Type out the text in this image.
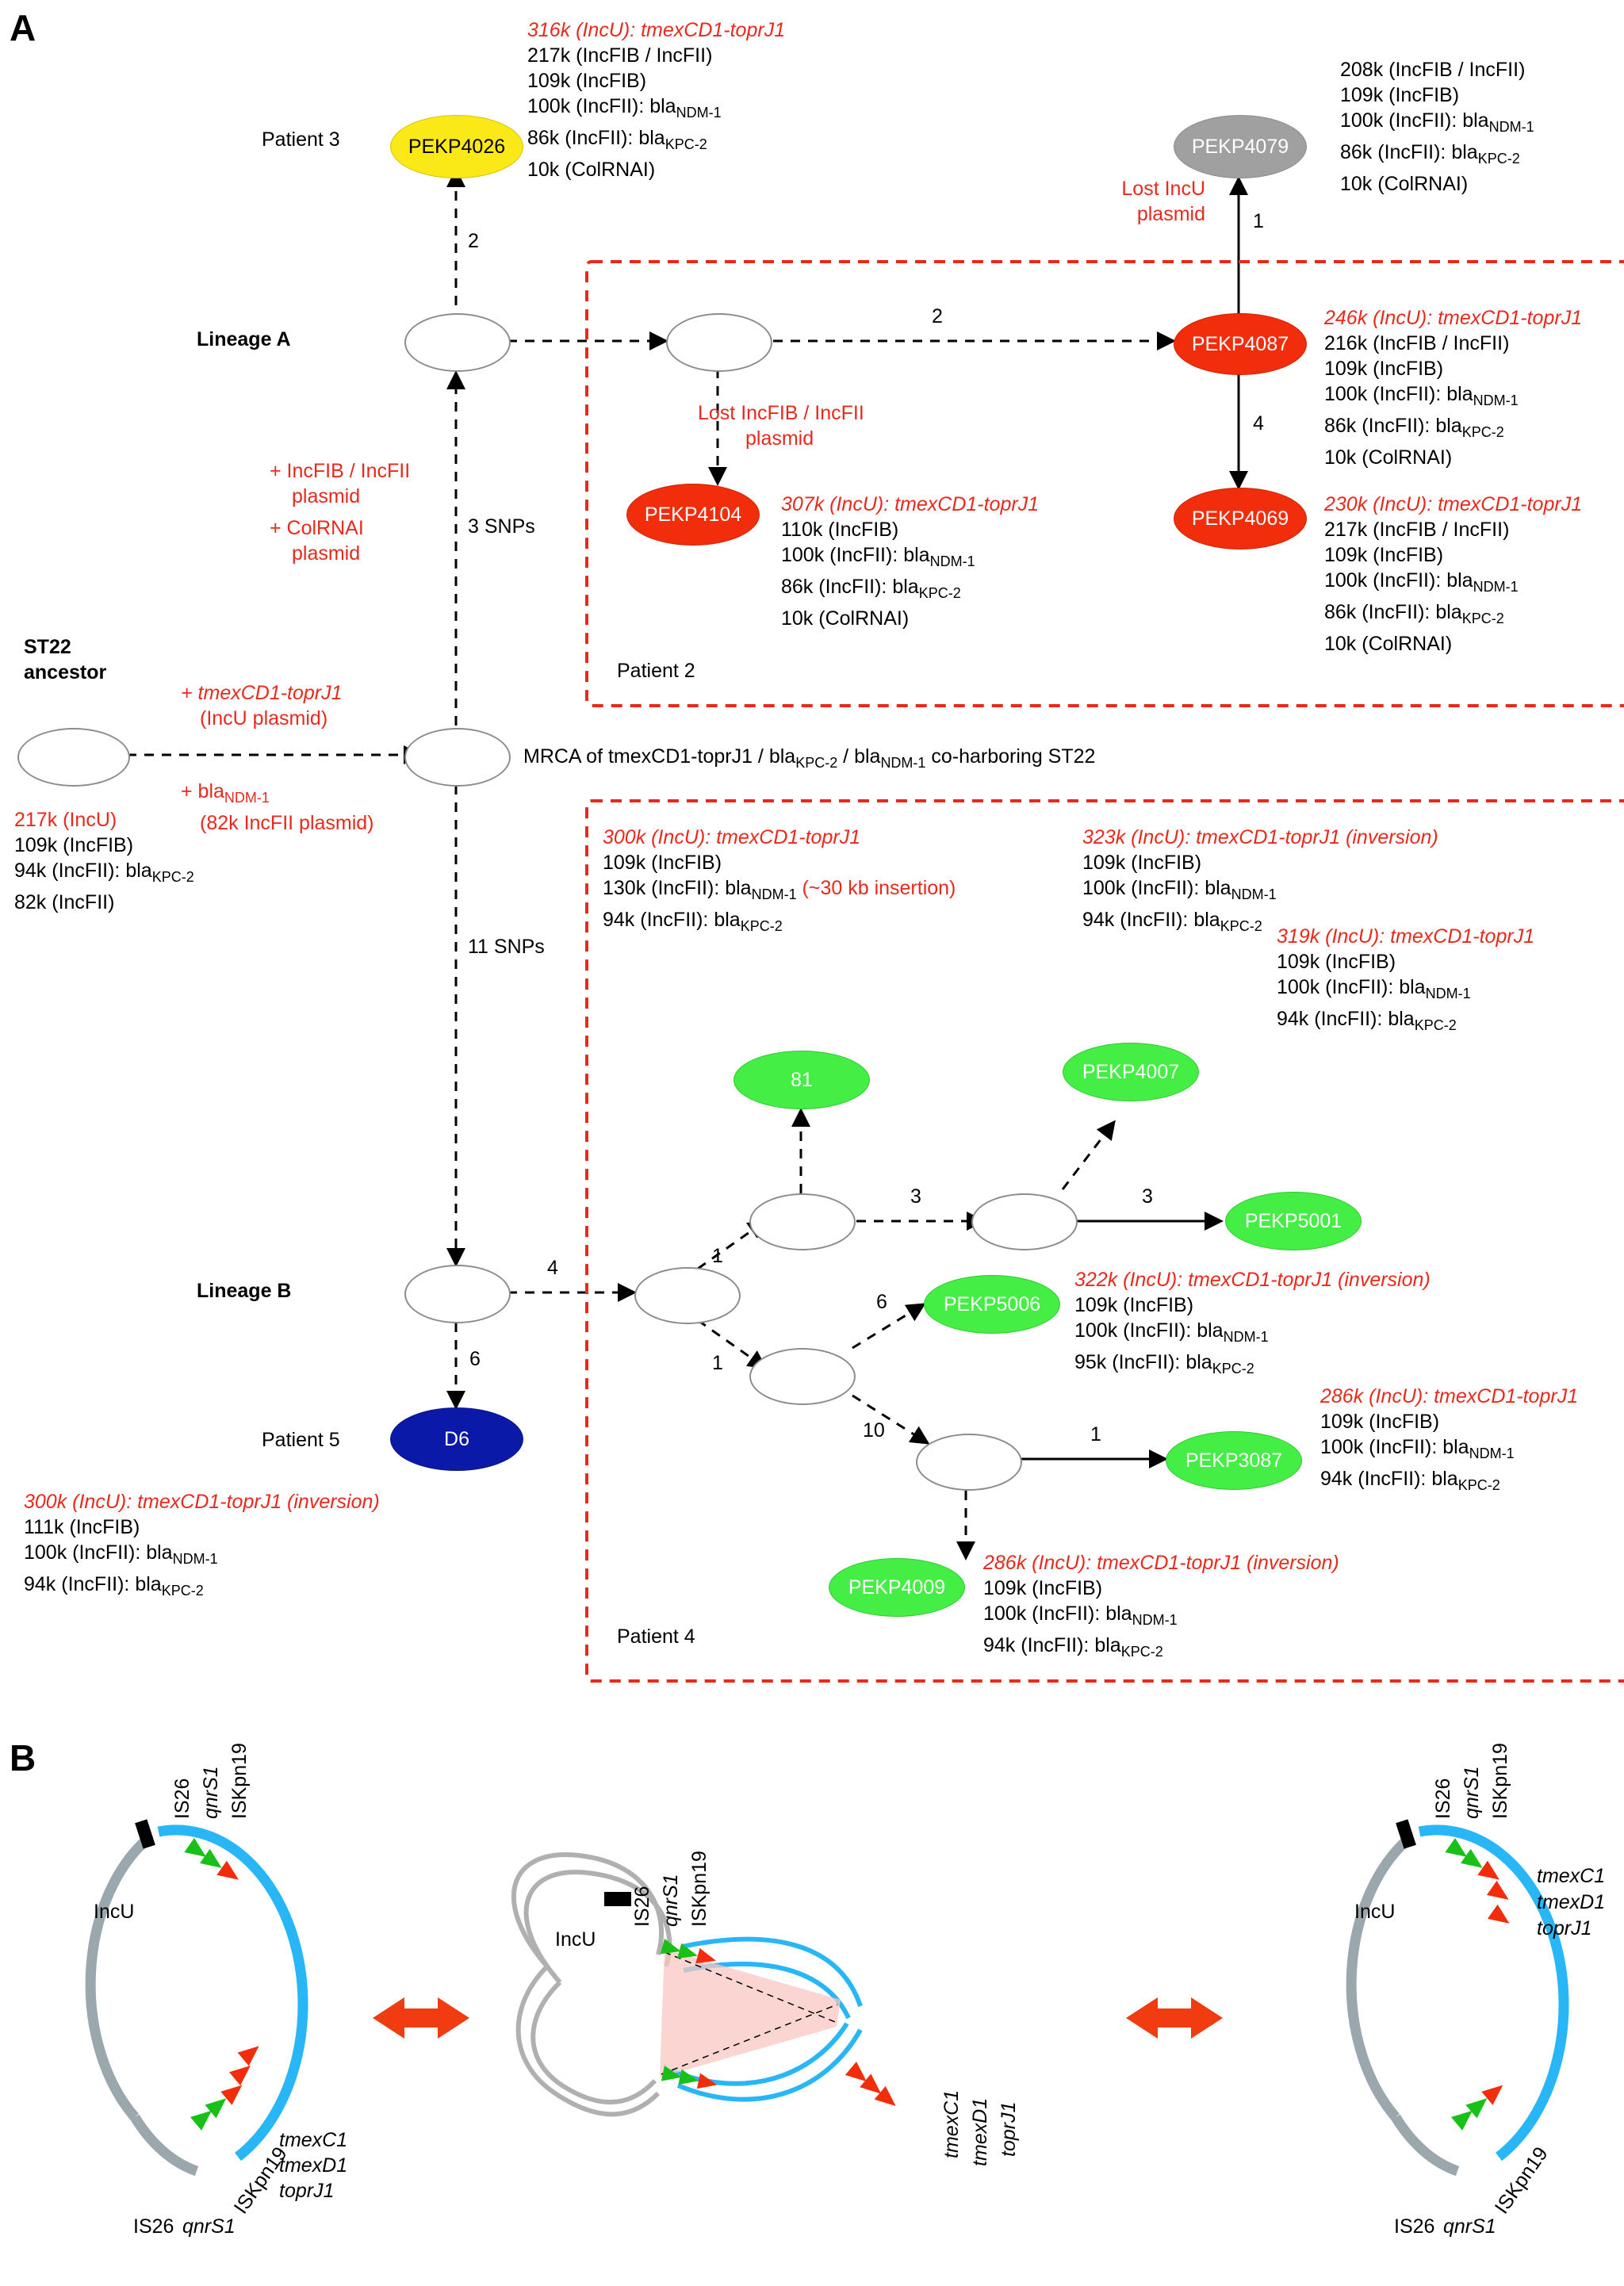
A
Patient 3	PEKP4026
2
316k (IncU): tmexCD1-toprJ1
217k (IncFIB / IncFII)
109k (IncFIB)
100k (IncFII): bla$_{NDM-1}$
86k (IncFII): bla$_{KPC-2}$
10k (ColRNAI)
PEKP4079
208k (IncFIB / IncFII)
109k (IncFIB)
100k (IncFII): bla$_{NDM-1}$
86k (IncFII): bla$_{KPC-2}$
10k (ColRNAI)
Lost IncU
plasmid 1
Lineage A
2
PEKP4087
246k (IncU): tmexCD1-toprJ1
216k (IncFIB / IncFII)
109k (IncFIB)
100k (IncFII): bla$_{NDM-1}$
86k (IncFII): bla$_{KPC-2}$
10k (ColRNAI)
4
Lost IncFIB / IncFII
plasmid
PEKP4104 307k (IncU): tmexCD1-toprJ1
110k (IncFIB)
100k (IncFII): bla$_{NDM-1}$
86k (IncFII): bla$_{KPC-2}$
10k (ColRNAI)
PEKP4069
230k (IncU): tmexCD1-toprJ1
217k (IncFIB / IncFII)
109k (IncFIB)
100k (IncFII): bla$_{NDM-1}$
86k (IncFII): bla$_{KPC-2}$
10k (ColRNAI)
Patient 2
+ IncFIB / IncFII
plasmid
+ ColRNAI
plasmid
3 SNPs
11 SNPs
ST22
ancestor
217k (IncU)
109k (IncFIB)
94k (IncFII): bla$_{KPC-2}$
82k (IncFII)
+ tmexCD1-toprJ1
(IncU plasmid)
+ bla$_{NDM-1}$
(82k IncFII plasmid)
MRCA of tmexCD1-toprJ1 / bla$_{KPC-2}$ / bla$_{NDM-1}$ co-harboring ST22
300k (IncU): tmexCD1-toprJ1
109k (IncFIB)
130k (IncFII): bla$_{NDM-1}$ (~30 kb insertion)
94k (IncFII): bla$_{KPC-2}$
323k (IncU): tmexCD1-toprJ1 (inversion)
109k (IncFIB)
100k (IncFII): bla$_{NDM-1}$
94k (IncFII): bla$_{KPC-2}$
81	PEKP4007
319k (IncU): tmexCD1-toprJ1
109k (IncFIB)
100k (IncFII): bla$_{NDM-1}$
94k (IncFII): bla$_{KPC-2}$
PEKP5001
3	3
1
Lineage B
4
PEKP5006
322k (IncU): tmexCD1-toprJ1 (inversion)
109k (IncFIB)
100k (IncFII): bla$_{NDM-1}$
95k (IncFII): bla$_{KPC-2}$
6
1
10	1
PEKP3087
286k (IncU): tmexCD1-toprJ1
109k (IncFIB)
100k (IncFII): bla$_{NDM-1}$
94k (IncFII): bla$_{KPC-2}$
PEKP4009
286k (IncU): tmexCD1-toprJ1 (inversion)
109k (IncFIB)
100k (IncFII): bla$_{NDM-1}$
94k (IncFII): bla$_{KPC-2}$
Patient 4
6
Patient 5	D6
300k (IncU): tmexCD1-toprJ1 (inversion)
111k (IncFIB)
100k (IncFII): bla$_{NDM-1}$
94k (IncFII): bla$_{KPC-2}$
B
IncU
IS26 qnrS1 ISKpn19
tmexC1
tmexD1
toprJ1
IS26 qnrS1
ISKpn19
IncU
IS26 qnrS1 ISKpn19
tmexC1 tmexD1 toprJ1
IncU
IS26 qnrS1 ISKpn19
tmexC1
tmexD1
toprJ1
IS26 qnrS1
ISKpn19
